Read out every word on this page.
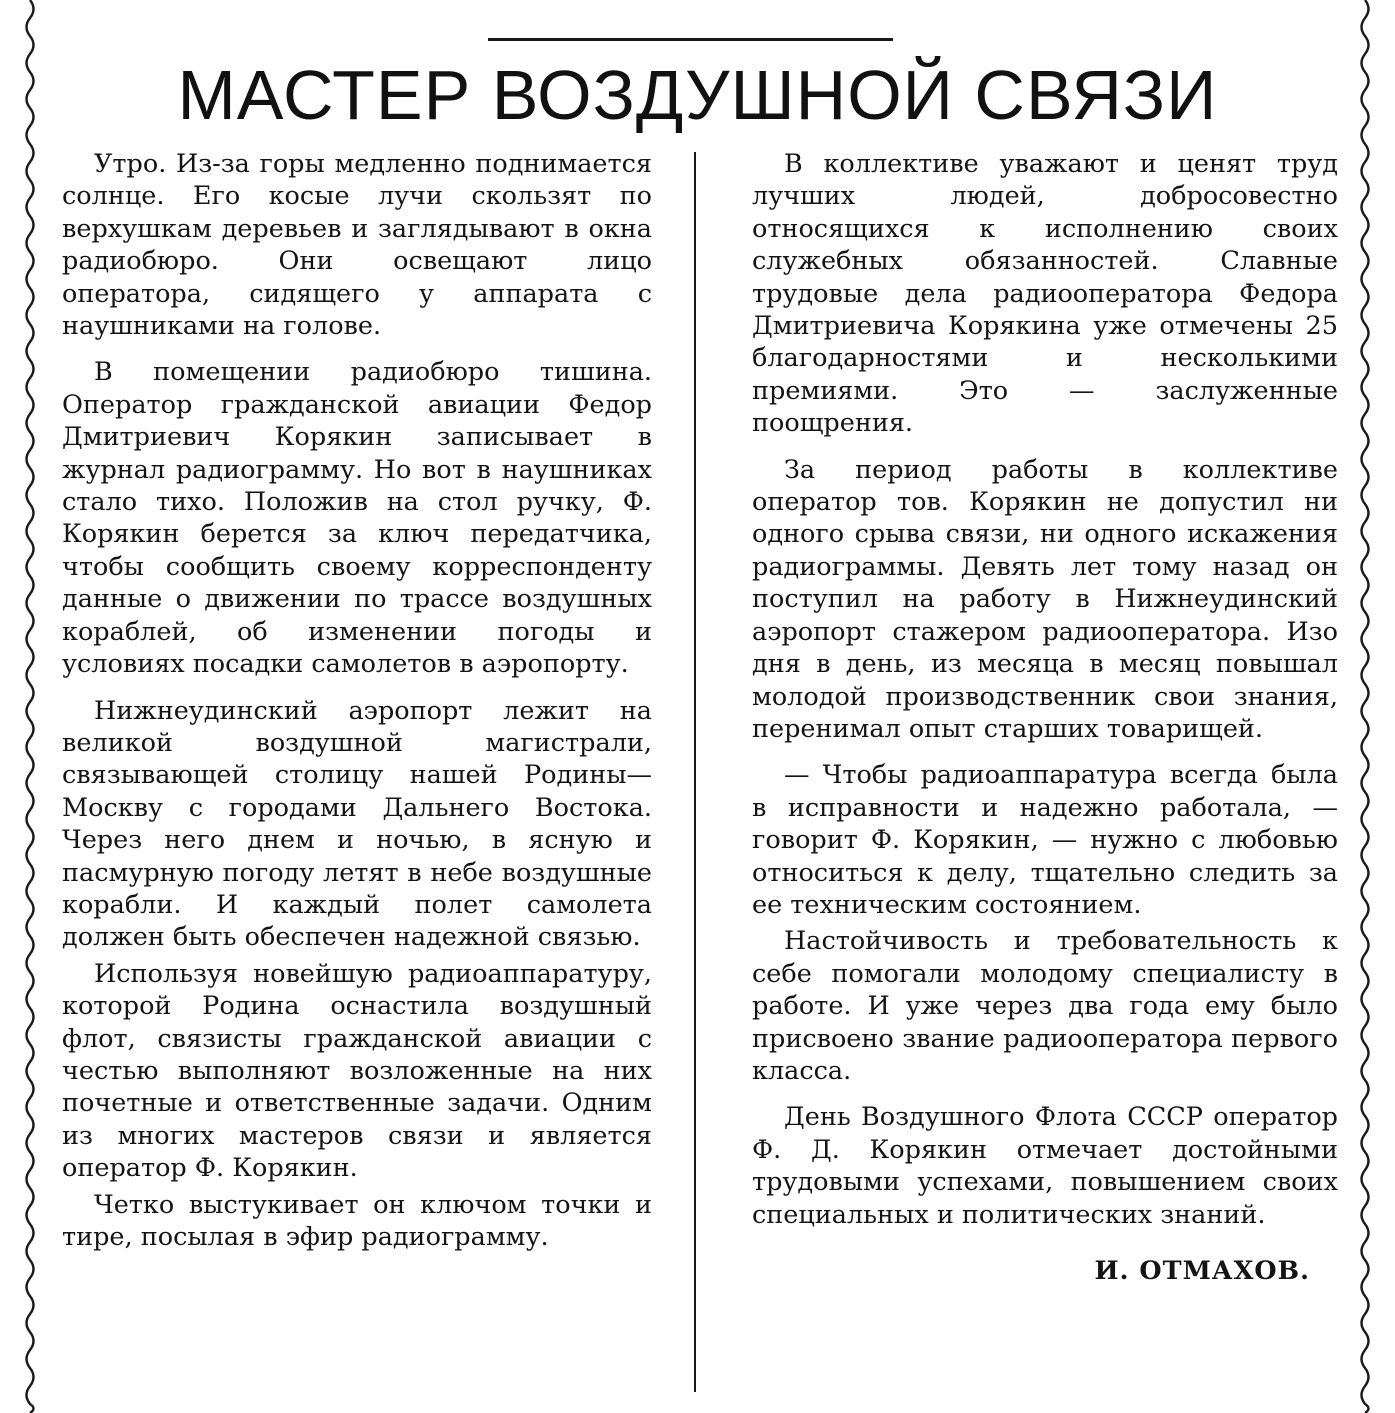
МАСТЕР ВОЗДУШНОЙ СВЯЗИ

Утро. Из-за горы медленно поднимается солнце. Его косые лучи скользят по верхушкам деревьев и заглядывают в окна радиобюро. Они освещают лицо оператора, сидящего у аппарата с наушниками на голове.

В помещении радиобюро тишина. Оператор гражданской авиации Федор Дмитриевич Корякин записывает в журнал радиограмму. Но вот в наушниках стало тихо. Положив на стол ручку, Ф. Корякин берется за ключ передатчика, чтобы сообщить своему корреспонденту данные о движении по трассе воздушных кораблей, об изменении погоды и условиях посадки самолетов в аэропорту.

Нижнеудинский аэропорт лежит на великой воздушной магистрали, связывающей столицу нашей Родины— Москву с городами Дальнего Востока. Через него днем и ночью, в ясную и пасмурную погоду летят в небе воздушные корабли. И каждый полет самолета должен быть обеспечен надежной связью.

Используя новейшую радиоаппаратуру, которой Родина оснастила воздушный флот, связисты гражданской авиации с честью выполняют возложенные на них почетные и ответственные задачи. Одним из многих мастеров связи и является оператор Ф. Корякин.

Четко выстукивает он ключом точки и тире, посылая в эфир радиограмму.

В коллективе уважают и ценят труд лучших людей, добросовестно относящихся к исполнению своих служебных обязанностей. Славные трудовые дела радиооператора Федора Дмитриевича Корякина уже отмечены 25 благодарностями и несколькими премиями. Это — заслуженные поощрения.

За период работы в коллективе оператор тов. Корякин не допустил ни одного срыва связи, ни одного искажения радиограммы. Девять лет тому назад он поступил на работу в Нижнеудинский аэропорт стажером радиооператора. Изо дня в день, из месяца в месяц повышал молодой производственник свои знания, перенимал опыт старших товарищей.

— Чтобы радиоаппаратура всегда была в исправности и надежно работала, — говорит Ф. Корякин, — нужно с любовью относиться к делу, тщательно следить за ее техническим состоянием.

Настойчивость и требовательность к себе помогали молодому специалисту в работе. И уже через два года ему было присвоено звание радиооператора первого класса.

День Воздушного Флота СССР оператор Ф. Д. Корякин отмечает достойными трудовыми успехами, повышением своих специальных и политических знаний.

И. ОТМАХОВ.
